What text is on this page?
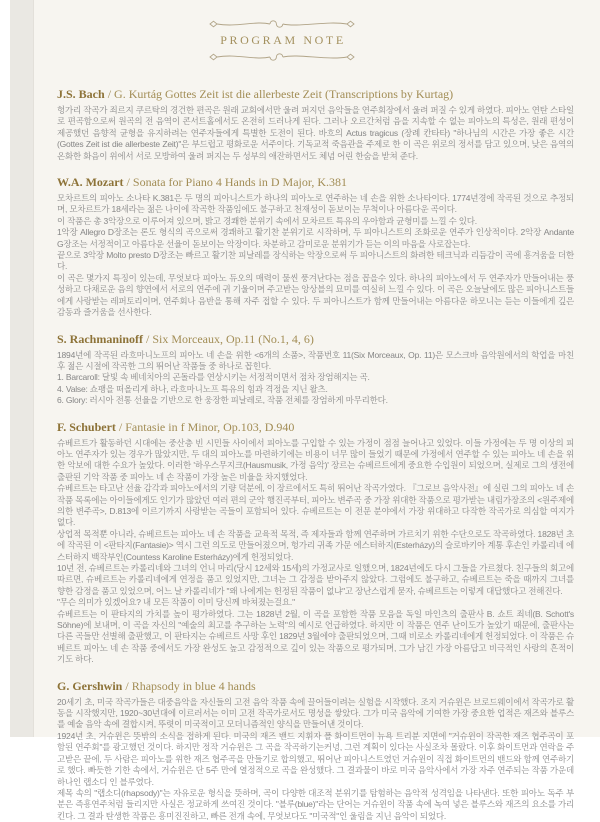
PROGRAM NOTE
J.S. Bach / G. Kurtág Gottes Zeit ist die allerbeste Zeit (Transcriptions by Kurtag)

헝가리 작곡가 죄르지 쿠르탁의 경건한 편곡은 원래 교회에서만 울려 퍼지던 음악들을 연주회장에서 울려 퍼질 수 있게 하였다. 피아노 연탄 스타일로 편곡함으로써 원곡의 전 음역이 콘서트홀에서도 온전히 드러나게 된다. 그러나 오르간처럼 음을 지속할 수 없는 피아노의 특성은, 원래 편성이 제공했던 음향적 균형을 유지하려는 연주자들에게 특별한 도전이 된다. 바흐의 Actus tragicus (장례 칸타타) "하나님의 시간은 가장 좋은 시간(Gottes Zeit ist die allerbeste Zeit)"은 부드럽고 평화로운 서주이다. 기독교적 죽음관을 주제로 한 이 곡은 위로의 정서를 담고 있으며, 낮은 음역의 온화한 화음이 위에서 서로 모방하여 울려 퍼지는 두 성부의 애잔하면서도 체념 어린 한숨을 받쳐 준다.

W.A. Mozart / Sonata for Piano 4 Hands in D Major, K.381

모차르트의 피아노 소나타 K.381은 두 명의 피아니스트가 하나의 피아노로 연주하는 네 손을 위한 소나타이다. 1774년경에 작곡된 것으로 추정되며, 모차르트가 18세라는 젊은 나이에 작곡한 작품임에도 불구하고 천재성이 돋보이는 무척이나 아름다운 곡이다.

이 작품은 총 3악장으로 이루어져 있으며, 밝고 경쾌한 분위기 속에서 모차르트 특유의 우아함과 균형미를 느낄 수 있다.

1악장 Allegro D장조는 론도 형식의 곡으로써 경쾌하고 활기찬 분위기로 시작하며, 두 피아니스트의 조화로운 연주가 인상적이다. 2악장 Andante G장조는 서정적이고 아름다운 선율이 돋보이는 악장이다. 차분하고 감미로운 분위기가 듣는 이의 마음을 사로잡는다.

끝으로 3악장 Molto presto D장조는 빠르고 활기찬 피날레를 장식하는 악장으로써 두 피아니스트의 화려한 테크닉과 리듬감이 곡에 흥겨움을 더한다.

이 곡은 몇가지 특징이 있는데, 무엇보다 피아노 듀오의 매력이 물씬 풍겨난다는 점을 꼽을수 있다. 하나의 피아노에서 두 연주자가 만들어내는 풍성하고 다채로운 음의 향연에서 서로의 연주에 귀 기울이며 주고받는 앙상블의 묘미를 여실히 느낄 수 있다. 이 곡은 오늘날에도 많은 피아니스트들에게 사랑받는 레퍼토리이며, 연주회나 음반을 통해 자주 접할 수 있다. 두 피아니스트가 함께 만들어내는 아름다운 하모니는 듣는 이들에게 깊은 감동과 즐거움을 선사한다.

S. Rachmaninoff / Six Morceaux, Op.11 (No.1, 4, 6)

1894년에 작곡된 라흐마니노프의 피아노 네 손을 위한 <6개의 소품>, 작품번호 11(Six Morceaux, Op. 11)은 모스크바 음악원에서의 학업을 마친 후 젊은 시절에 작곡한 그의 뛰어난 작품들 중 하나로 꼽힌다.

1. Barcaroll: 달빛 속 베네치아의 곤돌라를 연상시키는 서정적이면서 점차 장엄해지는 곡.

4. Valse: 쇼팽을 떠올리게 하나, 라흐마니노프 특유의 힘과 격정을 지닌 왈츠.

6. Glory: 러시아 전통 선율을 기반으로 한 웅장한 피날레로, 작품 전체를 장엄하게 마무리한다.

F. Schubert / Fantasie in f Minor, Op.103, D.940

슈베르트가 활동하던 시대에는 중산층 빈 시민들 사이에서 피아노를 구입할 수 있는 가정이 점점 늘어나고 있었다. 이들 가정에는 두 명 이상의 피아노 연주자가 있는 경우가 많았지만, 두 대의 피아노를 마련하기에는 비용이 너무 많이 들었기 때문에 가정에서 연주할 수 있는 피아노 네 손을 위한 악보에 대한 수요가 높았다. 이러한 '하우스무지크(Hausmusik, 가정 음악)' 장르는 슈베르트에게 중요한 수입원이 되었으며, 실제로 그의 생전에 출판된 기악 작품 중 피아노 네 손 작품이 가장 높은 비율을 차지했었다.

슈베르트는 타고난 선율 감각과 피아노에서의 기량 덕분에, 이 장르에서도 특히 뛰어난 작곡가였다. 『그로브 음악사전』에 실린 그의 피아노 네 손 작품 목록에는 아이들에게도 인기가 많았던 여러 편의 군악 행진곡부터, 피아노 변주곡 중 가장 위대한 작품으로 평가받는 내림가장조의 <원주제에 의한 변주곡>, D.813에 이르기까지 사랑받는 곡들이 포함되어 있다. 슈베르트는 이 전문 분야에서 가장 위대하고 다작한 작곡가로 의심할 여지가 없다.

상업적 목적뿐 아니라, 슈베르트는 피아노 네 손 작품을 교육적 목적, 즉 제자들과 함께 연주하며 가르치기 위한 수단으로도 작곡하였다. 1828년 초에 작곡된 이 <판타지(Fantasie)> 역시 그런 의도로 만들어졌으며, 헝가리 귀족 가문 에스터하지(Esterházy)의 슬로바키아 계통 후손인 카롤리네 에스터하지 백작부인(Countess Karoline Esterházy)에게 헌정되었다.

10년 전, 슈베르트는 카롤리네와 그녀의 언니 마리(당시 12세와 15세)의 가정교사로 일했으며, 1824년에도 다시 그들을 가르쳤다. 친구들의 회고에 따르면, 슈베르트는 카롤리네에게 연정을 품고 있었지만, 그녀는 그 감정을 받아주지 않았다. 그럼에도 불구하고, 슈베르트는 죽을 때까지 그녀를 향한 감정을 품고 있었으며, 어느 날 카롤리네가 "왜 나에게는 헌정된 작품이 없냐"고 장난스럽게 묻자, 슈베르트는 이렇게 대답했다고 전해진다.

"무슨 의미가 있겠어요? 내 모든 작품이 이미 당신께 바쳐졌는걸요."

슈베르트는 이 판타지의 가치를 높이 평가하였다. 그는 1828년 2월, 이 곡을 포함한 작품 모음을 독일 마인츠의 출판사 B. 쇼트 죄네(B. Schott's Söhne)에 보내며, 이 곡을 자신의 "예술의 최고를 추구하는 노력"의 예시로 언급하였다. 하지만 이 작품은 연주 난이도가 높았기 때문에, 출판사는 다른 곡들만 선별해 출판했고, 이 판타지는 슈베르트 사망 후인 1829년 3월에야 출판되었으며, 그때 비로소 카롤리네에게 헌정되었다. 이 작품은 슈베르트 피아노 네 손 작품 중에서도 가장 완성도 높고 감정적으로 깊이 있는 작품으로 평가되며, 그가 남긴 가장 아름답고 비극적인 사랑의 흔적이기도 하다.

G. Gershwin / Rhapsody in blue 4 hands

20세기 초, 미국 작곡가들은 대중음악을 자신들의 고전 음악 작품 속에 끌어들이려는 실험을 시작했다. 조지 거슈윈은 브로드웨이에서 작곡가로 활동을 시작했지만, 1920~30년대에 이르러서는 이미 고전 작곡가로서도 명성을 쌓았다. 그가 미국 음악에 기여한 가장 중요한 업적은 재즈와 블루스를 예술 음악 속에 결합시켜, 뚜렷이 미국적이고 모더니즘적인 양식을 만들어낸 것이다.

1924년 초, 거슈윈은 뜻밖의 소식을 접하게 된다. 미국의 재즈 밴드 지휘자 폴 화이트먼이 뉴욕 트리뷴 지면에 "거슈윈이 작곡한 재즈 협주곡이 포함된 연주회"를 광고했던 것이다. 하지만 정작 거슈윈은 그 곡을 작곡하기는커녕, 그런 계획이 있다는 사실조차 몰랐다. 이후 화이트먼과 연락을 주고받은 끝에, 두 사람은 피아노를 위한 재즈 협주곡을 만들기로 합의했고, 뛰어난 피아니스트였던 거슈윈이 직접 화이트먼의 밴드와 함께 연주하기로 했다. 빠듯한 기한 속에서, 거슈윈은 단 5주 만에 열정적으로 곡을 완성했다. 그 결과물이 바로 미국 음악사에서 가장 자주 연주되는 작품 가운데 하나인 랩소디 인 블루였다.

제목 속의 "랩소디(rhapsody)"는 자유로운 형식을 뜻하며, 곡이 다양한 대조적 분위기를 탐험하는 음악적 성격임을 나타낸다. 또한 피아노 독주 부분은 즉흥연주처럼 들리지만 사실은 정교하게 쓰여진 것이다. "블루(blue)"라는 단어는 거슈윈이 작품 속에 녹여 넣은 블루스와 재즈의 요소를 가리킨다. 그 결과 탄생한 작품은 흥미진진하고, 빠른 전개 속에, 무엇보다도 "미국적"인 울림을 지닌 음악이 되었다.
